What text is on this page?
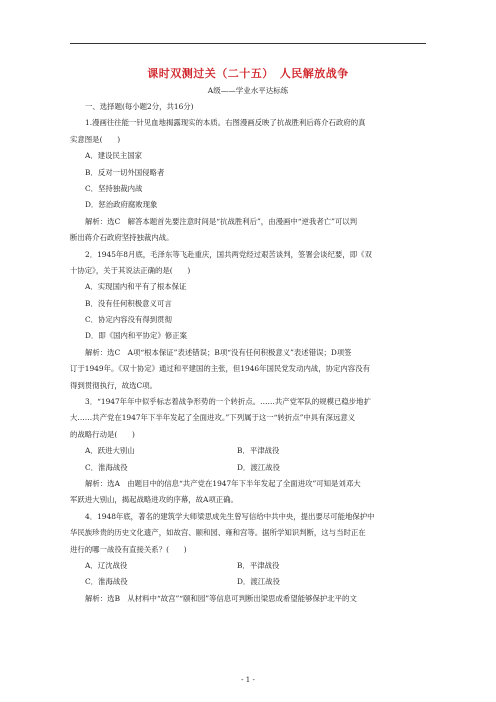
课时双测过关（二十五）　人民解放战争
A级——学业水平达标练
一、选择题(每小题2分，共16分)
1.漫画往往能一针见血地揭露现实的本质。右图漫画反映了抗战胜利后蒋介石政府的真
实意图是(　　)
A．建设民主国家
B．反对一切外国侵略者
C．坚持独裁内战
D．惩治政府腐败现象
解析：选C　解答本题首先要注意时间是“抗战胜利后”，由漫画中“逆我者亡”可以判
断出蒋介石政府坚持独裁内战。
2．1945年8月底，毛泽东等飞赴重庆，国共两党经过艰苦谈判，签署会谈纪要，即《双
十协定》，关于其说法正确的是(　　)
A．实现国内和平有了根本保证
B．没有任何积极意义可言
C．协定内容没有得到贯彻
D．即《国内和平协定》修正案
解析：选C　A项“根本保证”表述错误；B项“没有任何积极意义”表述错误；D项签
订于1949年。《双十协定》通过和平建国的主张，但1946年国民党发动内战，协定内容没有
得到贯彻执行，故选C项。
3．“1947年年中似乎标志着战争形势的一个转折点。……共产党军队的规模已稳步地扩
大……共产党在1947年下半年发起了全面进攻。”下列属于这一“转折点”中具有深远意义
的战略行动是(　　)
A．跃进大别山	B．平津战役
C．淮海战役	D．渡江战役
解析：选A　由题目中的信息“共产党在1947年下半年发起了全面进攻”可知是刘邓大
军跃进大别山，揭起战略进攻的序幕，故A项正确。
4．1948年底，著名的建筑学大师梁思成先生曾写信给中共中央，提出要尽可能地保护中
华民族珍贵的历史文化遗产，如故宫、颐和园、雍和宫等。据所学知识判断，这与当时正在
进行的哪一战役有直接关系？(　　)
A．辽沈战役	B．平津战役
C．淮海战役	D．渡江战役
解析：选B　从材料中“故宫”“颐和园”等信息可判断出梁思成希望能够保护北平的文
- 1 -
